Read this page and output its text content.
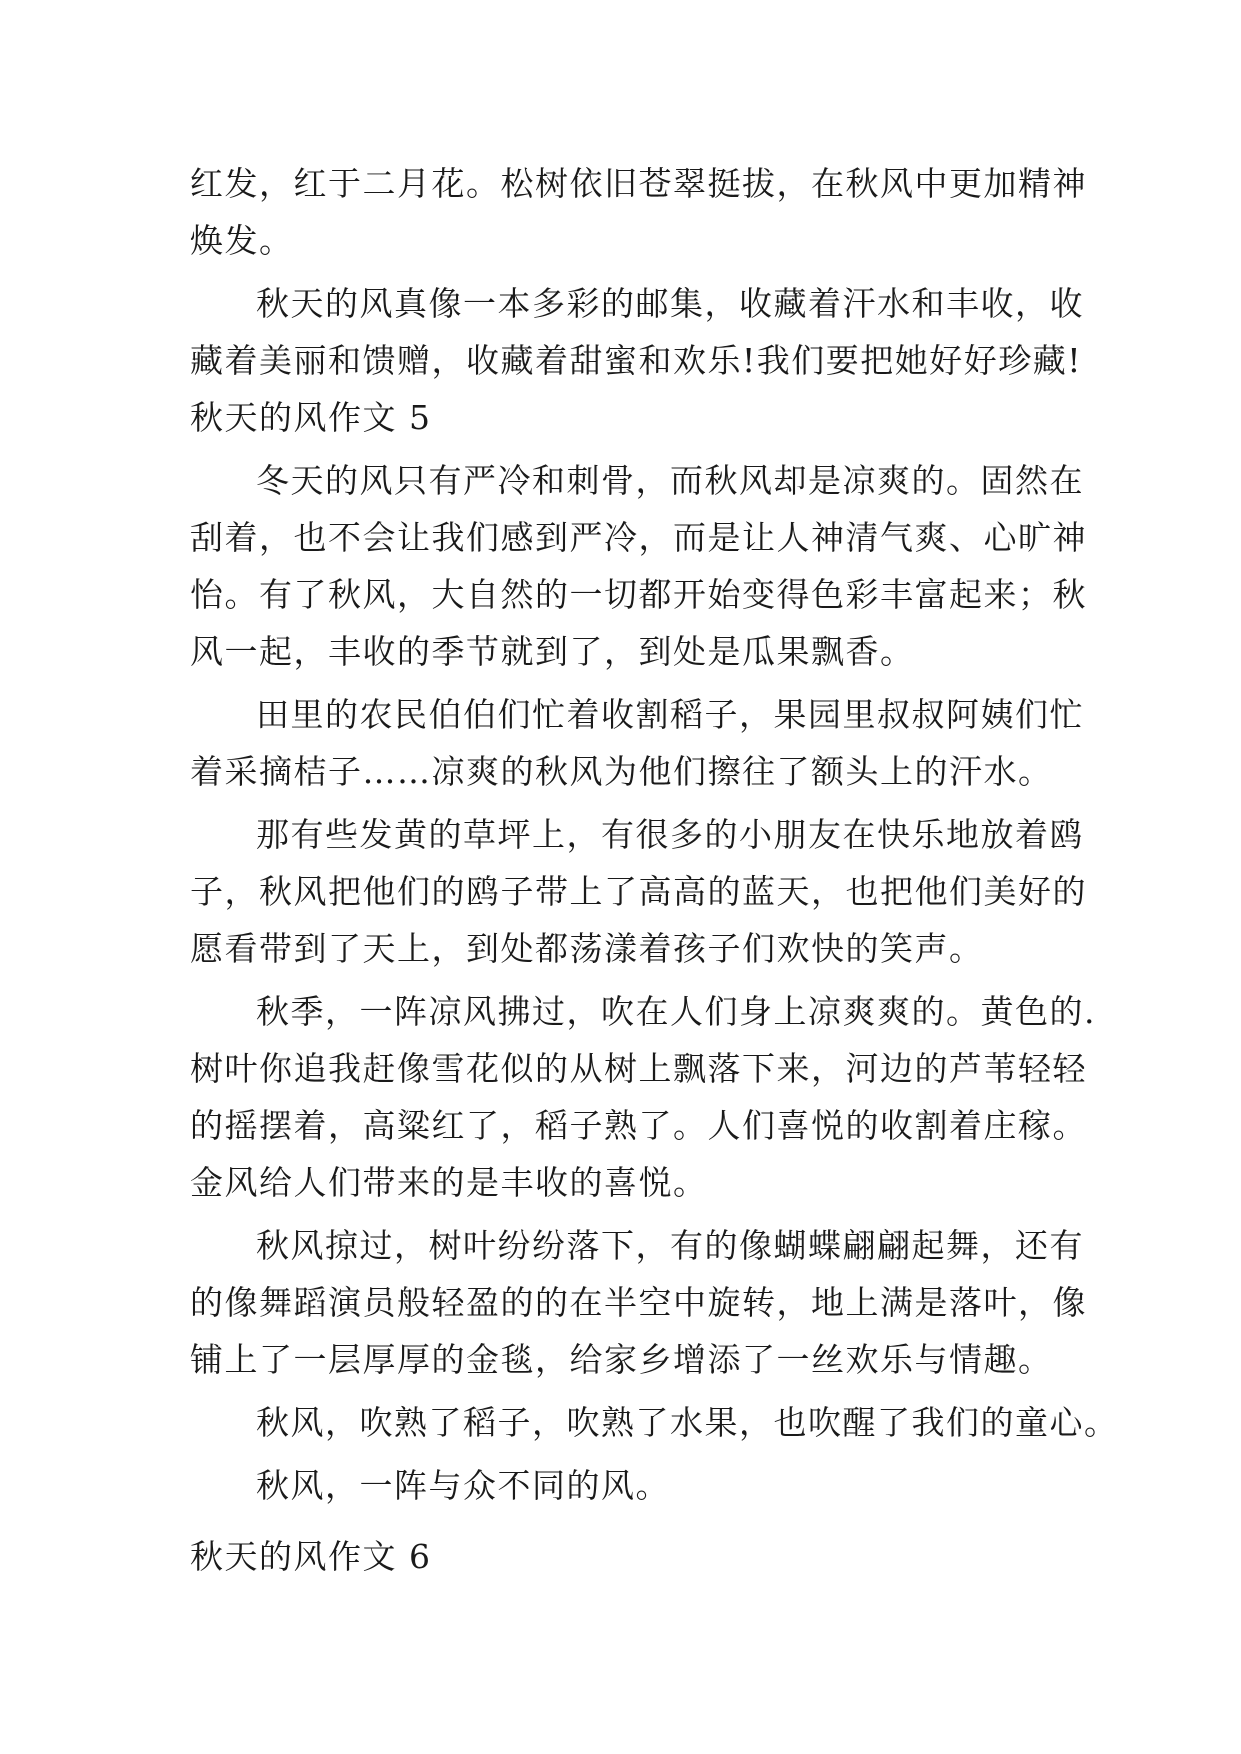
红发，红于二月花。松树依旧苍翠挺拔，在秋风中更加精神
焕发。
秋天的风真像一本多彩的邮集，收藏着汗水和丰收，收
藏着美丽和馈赠，收藏着甜蜜和欢乐!我们要把她好好珍藏!
秋天的风作文 5
冬天的风只有严冷和刺骨，而秋风却是凉爽的。固然在
刮着，也不会让我们感到严冷，而是让人神清气爽、心旷神
怡。有了秋风，大自然的一切都开始变得色彩丰富起来；秋
风一起，丰收的季节就到了，到处是瓜果飘香。
田里的农民伯伯们忙着收割稻子，果园里叔叔阿姨们忙
着采摘桔子……凉爽的秋风为他们擦往了额头上的汗水。
那有些发黄的草坪上，有很多的小朋友在快乐地放着鸥
子，秋风把他们的鸥子带上了高高的蓝天，也把他们美好的
愿看带到了天上，到处都荡漾着孩子们欢快的笑声。
秋季，一阵凉风拂过，吹在人们身上凉爽爽的。黄色的.
树叶你追我赶像雪花似的从树上飘落下来，河边的芦苇轻轻
的摇摆着，高粱红了，稻子熟了。人们喜悦的收割着庄稼。
金风给人们带来的是丰收的喜悦。
秋风掠过，树叶纷纷落下，有的像蝴蝶翩翩起舞，还有
的像舞蹈演员般轻盈的的在半空中旋转，地上满是落叶，像
铺上了一层厚厚的金毯，给家乡增添了一丝欢乐与情趣。
秋风，吹熟了稻子，吹熟了水果，也吹醒了我们的童心。
秋风，一阵与众不同的风。
秋天的风作文 6
